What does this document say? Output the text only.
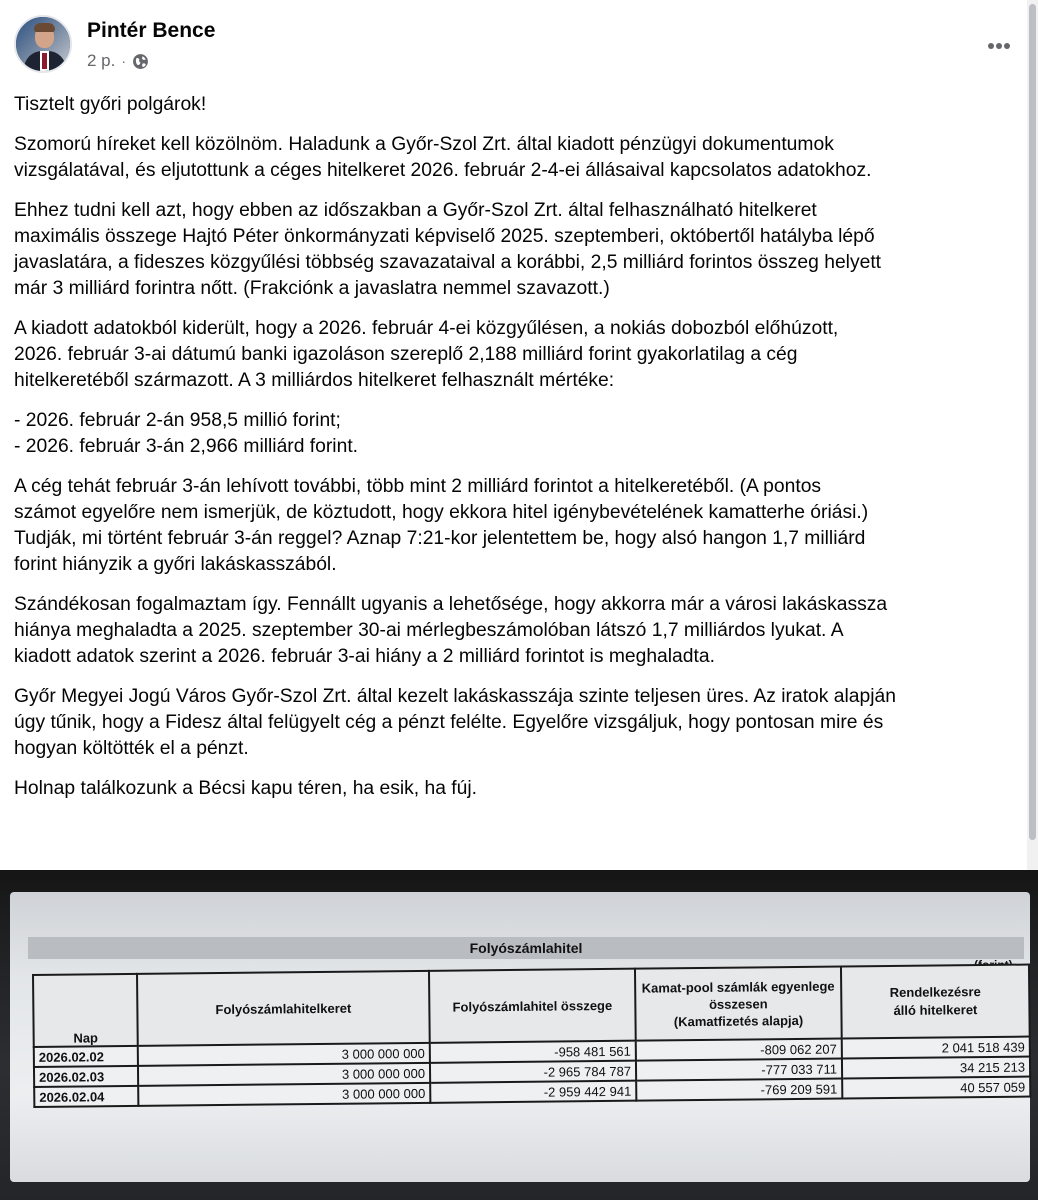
Pintér Bence
2 p. ·

Tisztelt győri polgárok!

Szomorú híreket kell közölnöm. Haladunk a Győr-Szol Zrt. által kiadott pénzügyi dokumentumok
vizsgálatával, és eljutottunk a céges hitelkeret 2026. február 2-4-ei állásaival kapcsolatos adatokhoz.

Ehhez tudni kell azt, hogy ebben az időszakban a Győr-Szol Zrt. által felhasználható hitelkeret
maximális összege Hajtó Péter önkormányzati képviselő 2025. szeptemberi, októbertől hatályba lépő
javaslatára, a fideszes közgyűlési többség szavazataival a korábbi, 2,5 milliárd forintos összeg helyett
már 3 milliárd forintra nőtt. (Frakciónk a javaslatra nemmel szavazott.)

A kiadott adatokból kiderült, hogy a 2026. február 4-ei közgyűlésen, a nokiás dobozból előhúzott,
2026. február 3-ai dátumú banki igazoláson szereplő 2,188 milliárd forint gyakorlatilag a cég
hitelkeretéből származott. A 3 milliárdos hitelkeret felhasznált mértéke:

- 2026. február 2-án 958,5 millió forint;
- 2026. február 3-án 2,966 milliárd forint.

A cég tehát február 3-án lehívott további, több mint 2 milliárd forintot a hitelkeretéből. (A pontos
számot egyelőre nem ismerjük, de köztudott, hogy ekkora hitel igénybevételének kamatterhe óriási.)
Tudják, mi történt február 3-án reggel? Aznap 7:21-kor jelentettem be, hogy alsó hangon 1,7 milliárd
forint hiányzik a győri lakáskasszából.

Szándékosan fogalmaztam így. Fennállt ugyanis a lehetősége, hogy akkorra már a városi lakáskassza
hiánya meghaladta a 2025. szeptember 30-ai mérlegbeszámolóban látszó 1,7 milliárdos lyukat. A
kiadott adatok szerint a 2026. február 3-ai hiány a 2 milliárd forintot is meghaladta.

Győr Megyei Jogú Város Győr-Szol Zrt. által kezelt lakáskasszája szinte teljesen üres. Az iratok alapján
úgy tűnik, hogy a Fidesz által felügyelt cég a pénzt felélte. Egyelőre vizsgáljuk, hogy pontosan mire és
hogyan költötték el a pénzt.

Holnap találkozunk a Bécsi kapu téren, ha esik, ha fúj.

Folyószámlahitel
Nap	Folyószámlahitelkeret	Folyószámlahitel összege	Kamat-pool számlák egyenlege
összesen
(Kamatfizetés alapja)	Rendelkezésre
álló hitelkeret
2026.02.02	3 000 000 000	-958 481 561	-809 062 207	2 041 518 439
2026.02.03	3 000 000 000	-2 965 784 787	-777 033 711	34 215 213
2026.02.04	3 000 000 000	-2 959 442 941	-769 209 591	40 557 059
